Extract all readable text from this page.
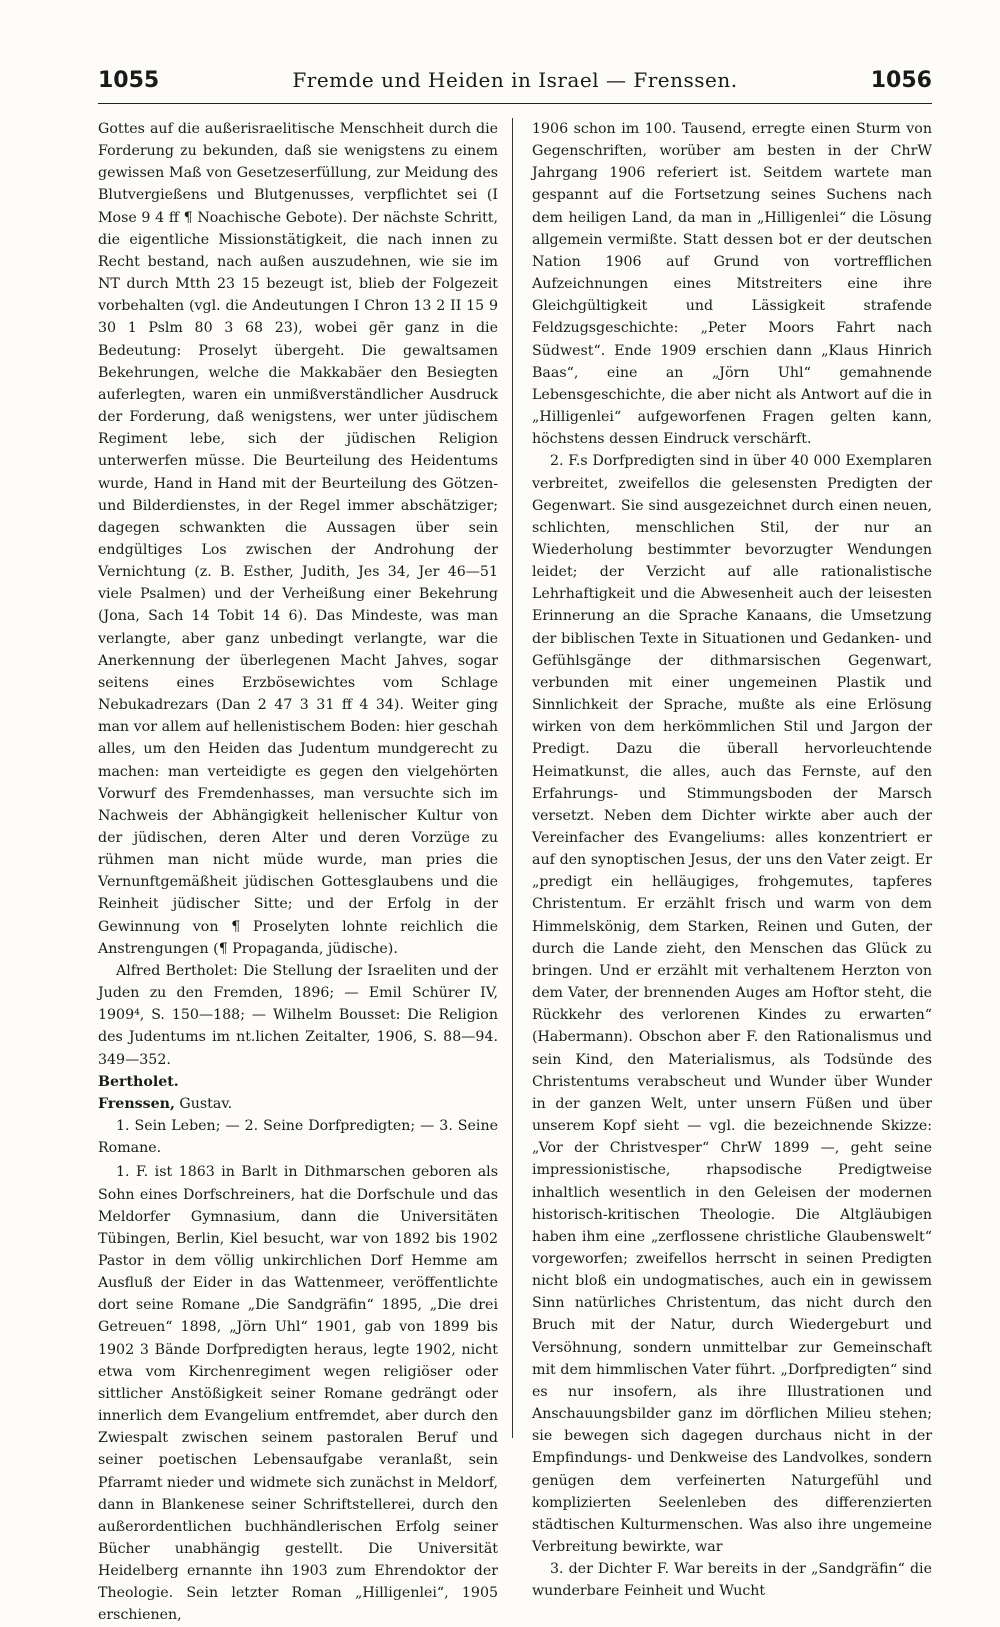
1055	Fremde und Heiden in Israel — Frenssen.	1056

Gottes auf die außerisraelitische Menschheit durch die Forderung zu bekunden, daß sie wenigstens zu einem gewissen Maß von Gesetzeserfüllung, zur Meidung des Blutvergießens und Blutgenusses, verpflichtet sei (I Mose 9 4 ff ¶ Noachische Gebote). Der nächste Schritt, die eigentliche Missionstätigkeit, die nach innen zu Recht bestand, nach außen auszudehnen, wie sie im NT durch Mtth 23 15 bezeugt ist, blieb der Folgezeit vorbehalten (vgl. die Andeutungen I Chron 13 2 II 15 9 30 1 Pslm 80 3 68 23), wobei gēr ganz in die Bedeutung: Proselyt übergeht. Die gewaltsamen Bekehrungen, welche die Makkabäer den Besiegten auferlegten, waren ein unmißverständlicher Ausdruck der Forderung, daß wenigstens, wer unter jüdischem Regiment lebe, sich der jüdischen Religion unterwerfen müsse. Die Beurteilung des Heidentums wurde, Hand in Hand mit der Beurteilung des Götzen- und Bilderdienstes, in der Regel immer abschätziger; dagegen schwankten die Aussagen über sein endgültiges Los zwischen der Androhung der Vernichtung (z. B. Esther, Judith, Jes 34, Jer 46—51 viele Psalmen) und der Verheißung einer Bekehrung (Jona, Sach 14 Tobit 14 6). Das Mindeste, was man verlangte, aber ganz unbedingt verlangte, war die Anerkennung der überlegenen Macht Jahves, sogar seitens eines Erzbösewichtes vom Schlage Nebukadrezars (Dan 2 47 3 31 ff 4 34). Weiter ging man vor allem auf hellenistischem Boden: hier geschah alles, um den Heiden das Judentum mundgerecht zu machen: man verteidigte es gegen den vielgehörten Vorwurf des Fremdenhasses, man versuchte sich im Nachweis der Abhängigkeit hellenischer Kultur von der jüdischen, deren Alter und deren Vorzüge zu rühmen man nicht müde wurde, man pries die Vernunftgemäßheit jüdischen Gottesglaubens und die Reinheit jüdischer Sitte; und der Erfolg in der Gewinnung von ¶ Proselyten lohnte reichlich die Anstrengungen (¶ Propaganda, jüdische).

Alfred Bertholet: Die Stellung der Israeliten und der Juden zu den Fremden, 1896; — Emil Schürer IV, 1909⁴, S. 150—188; — Wilhelm Bousset: Die Religion des Judentums im nt.lichen Zeitalter, 1906, S. 88—94. 349—352.

Bertholet.

Frenssen, Gustav.

1. Sein Leben; — 2. Seine Dorfpredigten; — 3. Seine Romane.

1. F. ist 1863 in Barlt in Dithmarschen geboren als Sohn eines Dorfschreiners, hat die Dorfschule und das Meldorfer Gymnasium, dann die Universitäten Tübingen, Berlin, Kiel besucht, war von 1892 bis 1902 Pastor in dem völlig unkirchlichen Dorf Hemme am Ausfluß der Eider in das Wattenmeer, veröffentlichte dort seine Romane „Die Sandgräfin“ 1895, „Die drei Getreuen“ 1898, „Jörn Uhl“ 1901, gab von 1899 bis 1902 3 Bände Dorfpredigten heraus, legte 1902, nicht etwa vom Kirchenregiment wegen religiöser oder sittlicher Anstößigkeit seiner Romane gedrängt oder innerlich dem Evangelium entfremdet, aber durch den Zwiespalt zwischen seinem pastoralen Beruf und seiner poetischen Lebensaufgabe veranlaßt, sein Pfarramt nieder und widmete sich zunächst in Meldorf, dann in Blankenese seiner Schriftstellerei, durch den außerordentlichen buchhändlerischen Erfolg seiner Bücher unabhängig gestellt. Die Universität Heidelberg ernannte ihn 1903 zum Ehrendoktor der Theologie. Sein letzter Roman „Hilligenlei“, 1905 erschienen,

1906 schon im 100. Tausend, erregte einen Sturm von Gegenschriften, worüber am besten in der ChrW Jahrgang 1906 referiert ist. Seitdem wartete man gespannt auf die Fortsetzung seines Suchens nach dem heiligen Land, da man in „Hilligenlei“ die Lösung allgemein vermißte. Statt dessen bot er der deutschen Nation 1906 auf Grund von vortrefflichen Aufzeichnungen eines Mitstreiters eine ihre Gleichgültigkeit und Lässigkeit strafende Feldzugsgeschichte: „Peter Moors Fahrt nach Südwest“. Ende 1909 erschien dann „Klaus Hinrich Baas“, eine an „Jörn Uhl“ gemahnende Lebensgeschichte, die aber nicht als Antwort auf die in „Hilligenlei“ aufgeworfenen Fragen gelten kann, höchstens dessen Eindruck verschärft.

2. F.s Dorfpredigten sind in über 40 000 Exemplaren verbreitet, zweifellos die gelesensten Predigten der Gegenwart. Sie sind ausgezeichnet durch einen neuen, schlichten, menschlichen Stil, der nur an Wiederholung bestimmter bevorzugter Wendungen leidet; der Verzicht auf alle rationalistische Lehrhaftigkeit und die Abwesenheit auch der leisesten Erinnerung an die Sprache Kanaans, die Umsetzung der biblischen Texte in Situationen und Gedanken- und Gefühlsgänge der dithmarsischen Gegenwart, verbunden mit einer ungemeinen Plastik und Sinnlichkeit der Sprache, mußte als eine Erlösung wirken von dem herkömmlichen Stil und Jargon der Predigt. Dazu die überall hervorleuchtende Heimatkunst, die alles, auch das Fernste, auf den Erfahrungs- und Stimmungsboden der Marsch versetzt. Neben dem Dichter wirkte aber auch der Vereinfacher des Evangeliums: alles konzentriert er auf den synoptischen Jesus, der uns den Vater zeigt. Er „predigt ein helläugiges, frohgemutes, tapferes Christentum. Er erzählt frisch und warm von dem Himmelskönig, dem Starken, Reinen und Guten, der durch die Lande zieht, den Menschen das Glück zu bringen. Und er erzählt mit verhaltenem Herzton von dem Vater, der brennenden Auges am Hoftor steht, die Rückkehr des verlorenen Kindes zu erwarten“ (Habermann). Obschon aber F. den Rationalismus und sein Kind, den Materialismus, als Todsünde des Christentums verabscheut und Wunder über Wunder in der ganzen Welt, unter unsern Füßen und über unserem Kopf sieht — vgl. die bezeichnende Skizze: „Vor der Christvesper“ ChrW 1899 —, geht seine impressionistische, rhapsodische Predigtweise inhaltlich wesentlich in den Geleisen der modernen historisch-kritischen Theologie. Die Altgläubigen haben ihm eine „zerflossene christliche Glaubenswelt“ vorgeworfen; zweifellos herrscht in seinen Predigten nicht bloß ein undogmatisches, auch ein in gewissem Sinn natürliches Christentum, das nicht durch den Bruch mit der Natur, durch Wiedergeburt und Versöhnung, sondern unmittelbar zur Gemeinschaft mit dem himmlischen Vater führt. „Dorfpredigten“ sind es nur insofern, als ihre Illustrationen und Anschauungsbilder ganz im dörflichen Milieu stehen; sie bewegen sich dagegen durchaus nicht in der Empfindungs- und Denkweise des Landvolkes, sondern genügen dem verfeinerten Naturgefühl und komplizierten Seelenleben des differenzierten städtischen Kulturmenschen. Was also ihre ungemeine Verbreitung bewirkte, war

3. der Dichter F. War bereits in der „Sandgräfin“ die wunderbare Feinheit und Wucht
